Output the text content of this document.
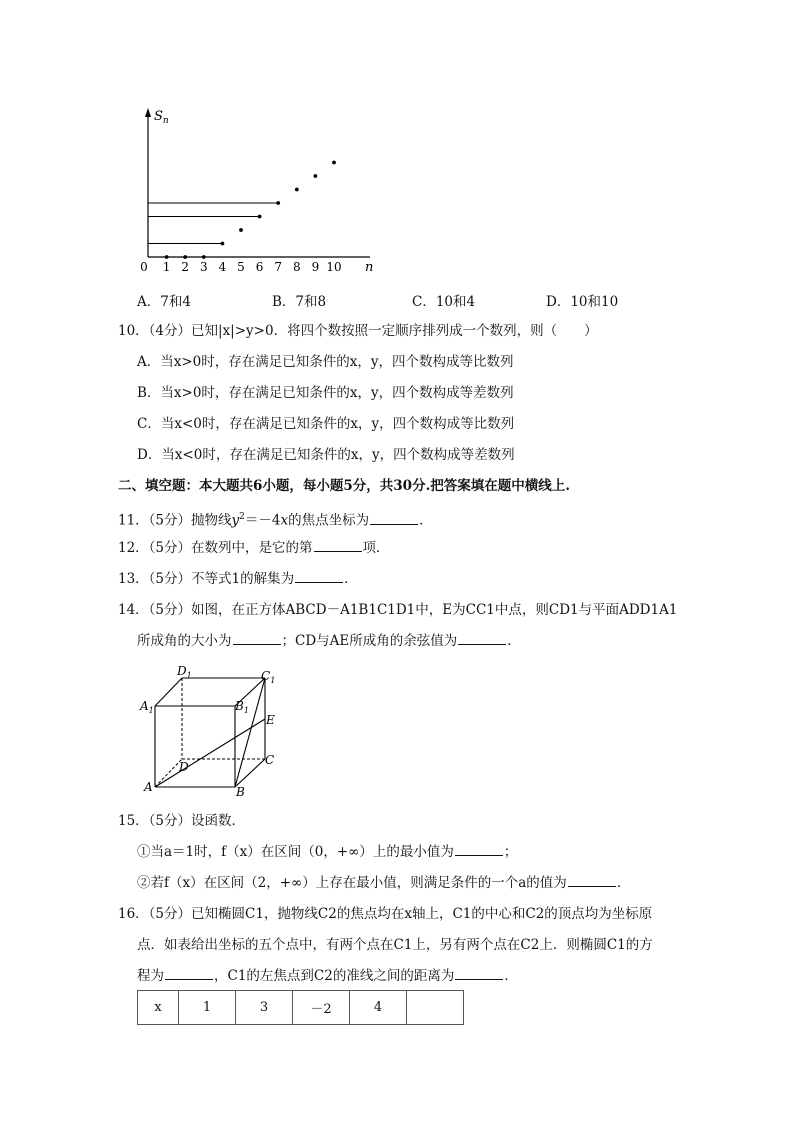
$S_n$
n
0 1 2 3 4 5 6 7 8 9 10
A．7和4	B．7和8	C．10和4	D．10和10
10．（4分）已知|x|>y>0．将四个数按照一定顺序排列成一个数列，则（　　）
A．当x>0时，存在满足已知条件的x，y，四个数构成等比数列
B．当x>0时，存在满足已知条件的x，y，四个数构成等差数列
C．当x<0时，存在满足已知条件的x，y，四个数构成等比数列
D．当x<0时，存在满足已知条件的x，y，四个数构成等差数列
二、填空题：本大题共6小题，每小题5分，共30分.把答案填在题中横线上.
11．（5分）抛物线$y^2=-4x$的焦点坐标为	．
12．（5分）在数列中，是它的第	项．
13．（5分）不等式1的解集为	．
14．（5分）如图，在正方体ABCD－A1B1C1D1中，E为CC1中点，则CD1与平面ADD1A1
所成角的大小为	；CD与AE所成角的余弦值为	．
$D_1$	$C_1$
$A_1$	$B_1$
E
D	C
A	B
15．（5分）设函数．
①当a＝1时，f（x）在区间（0，+∞）上的最小值为	；
②若f（x）在区间（2，+∞）上存在最小值，则满足条件的一个a的值为	．
16．（5分）已知椭圆C1，抛物线C2的焦点均在x轴上，C1的中心和C2的顶点均为坐标原
点．如表给出坐标的五个点中，有两个点在C1上，另有两个点在C2上．则椭圆C1的方
程为	，C1的左焦点到C2的准线之间的距离为	．
x	1	3	－2	4	
